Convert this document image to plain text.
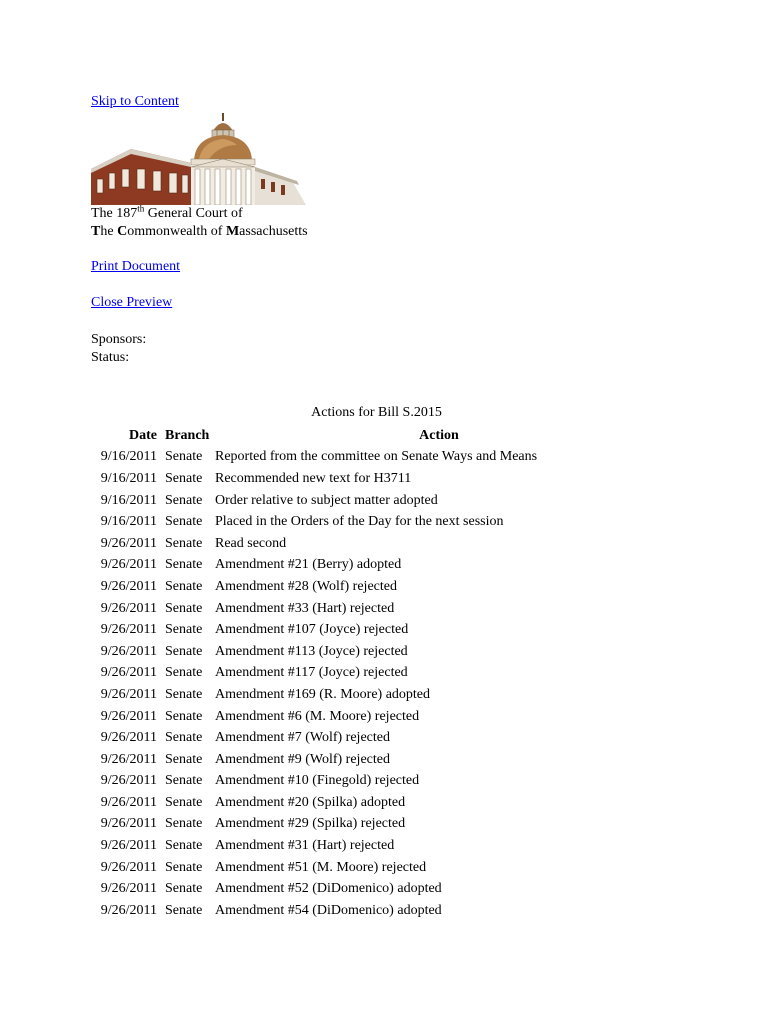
Skip to Content
The 187th General Court of
The Commonwealth of Massachusetts
Print Document
Close Preview
Sponsors:
Status:
Actions for Bill S.2015
Date	Branch	Action
9/16/2011	Senate	Reported from the committee on Senate Ways and Means
9/16/2011	Senate	Recommended new text for H3711
9/16/2011	Senate	Order relative to subject matter adopted
9/16/2011	Senate	Placed in the Orders of the Day for the next session
9/26/2011	Senate	Read second
9/26/2011	Senate	Amendment #21 (Berry) adopted
9/26/2011	Senate	Amendment #28 (Wolf) rejected
9/26/2011	Senate	Amendment #33 (Hart) rejected
9/26/2011	Senate	Amendment #107 (Joyce) rejected
9/26/2011	Senate	Amendment #113 (Joyce) rejected
9/26/2011	Senate	Amendment #117 (Joyce) rejected
9/26/2011	Senate	Amendment #169 (R. Moore) adopted
9/26/2011	Senate	Amendment #6 (M. Moore) rejected
9/26/2011	Senate	Amendment #7 (Wolf) rejected
9/26/2011	Senate	Amendment #9 (Wolf) rejected
9/26/2011	Senate	Amendment #10 (Finegold) rejected
9/26/2011	Senate	Amendment #20 (Spilka) adopted
9/26/2011	Senate	Amendment #29 (Spilka) rejected
9/26/2011	Senate	Amendment #31 (Hart) rejected
9/26/2011	Senate	Amendment #51 (M. Moore) rejected
9/26/2011	Senate	Amendment #52 (DiDomenico) adopted
9/26/2011	Senate	Amendment #54 (DiDomenico) adopted
